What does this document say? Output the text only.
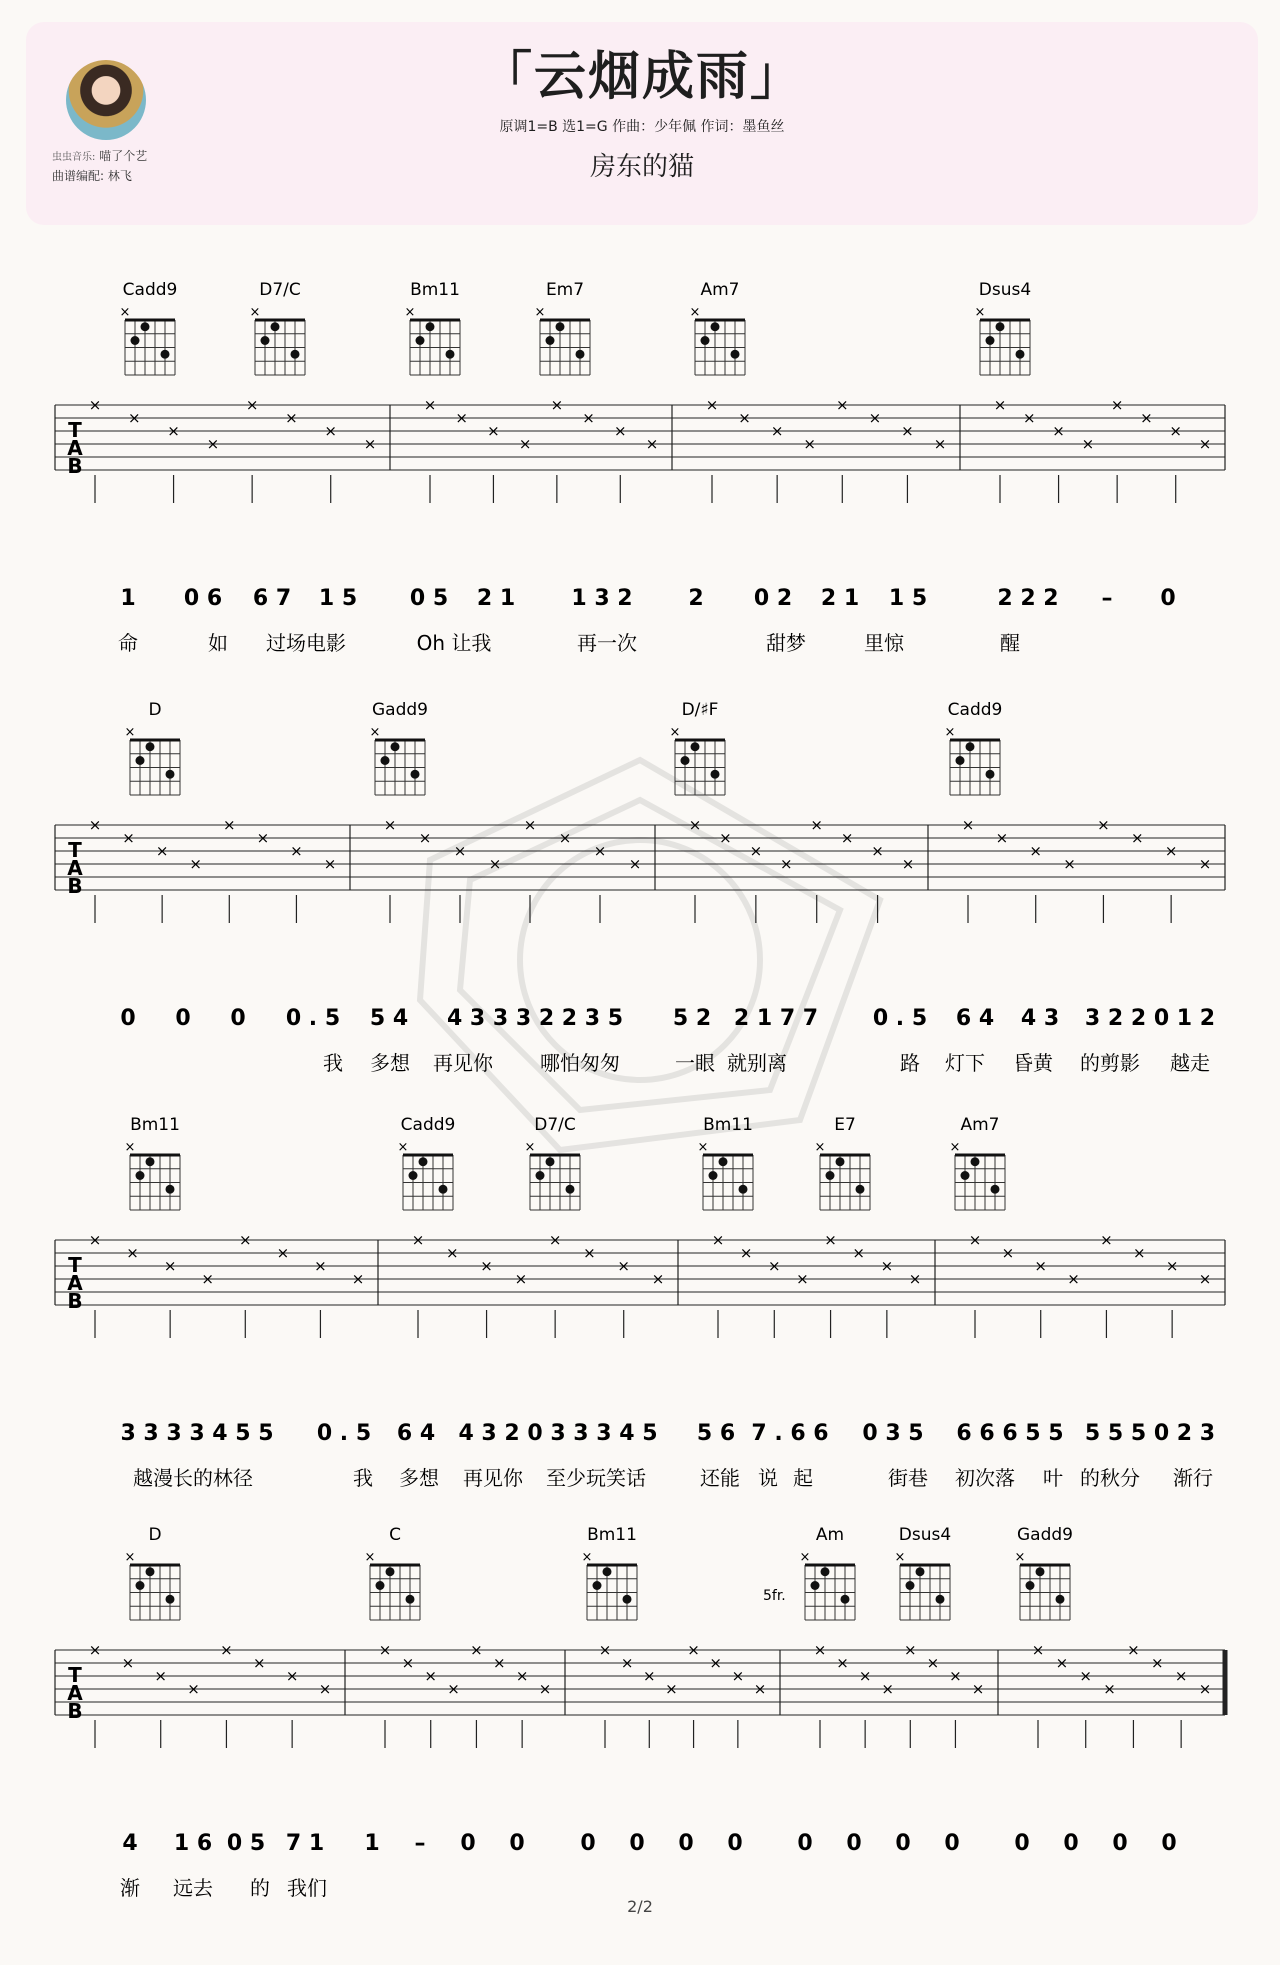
虫虫音乐: 喵了个艺
曲谱编配: 林飞
「云烟成雨」
原调1=B 选1=G 作曲：少年佩 作词：墨鱼丝
房东的猫
Cadd9
×
D7/C
×
Bm11
×
Em7
×
Am7
×
Dsus4
×
T
A
B
×
×
×
×
×
×
×
×
×
×
×
×
×
×
×
×
×
×
×
×
×
×
×
×
×
×
×
×
×
×
×
×
1 0 6 6 7 1 5 0 5 2 1	1 3 2	2 0 2 2 1 1 5	2 2 2 – 0
命	如 过场电影	Oh 让我	再一次	甜梦	里惊	醒
D
×
Gadd9
×
D/♯F
×
Cadd9
×
T
A
B
×
×
×
×
×
×
×
×
×
×
×
×
×
×
×
×
×
×
×
×
×
×
×
×
×
×
×
×
×
×
×
×
0 0 0 0 . 5 5 4 4 3 3 3 2 2 3 5 5 2 2 1 7 7 0 . 5 6 4 4 3 3 2 2 0 1 2
我 多想 再见你 哪怕匆匆	一眼 就别离	路 灯下 昏黄 的剪影 越走
Bm11
×
Cadd9
×
D7/C
×
Bm11
×
E7
×
Am7
×
T
A
B
×
×
×
×
×
×
×
×
×
×
×
×
×
×
×
×
×
×
×
×
×
×
×
×
×
×
×
×
×
×
×
×
3 3 3 3 4 5 5 0 . 5 6 4 4 3 2 0 3 3 3 4 5 5 6 7 . 6 6 0 3 5 6 6 6 5 5 5 5 5 0 2 3
越漫长的林径	我 多想 再见你 至少玩笑话	还能 说 起	街巷 初次落 叶 的秋分 渐行
D
×
C
×
Bm11
×
Am
×
Dsus4
×
Gadd9
×
5fr.
T
A
B
×
×
×
×
×
×
×
×
×
×
×
×
×
×
×
×
×
×
×
×
×
×
×
×
×
×
×
×
×
×
×
×
×
×
×
×
×
×
×
×
4 1 6 0 5 7 1 1 – 0 0	0 0 0 0 0 0 0 0 0 0 0 0
渐 远去 的 我们
2/2
